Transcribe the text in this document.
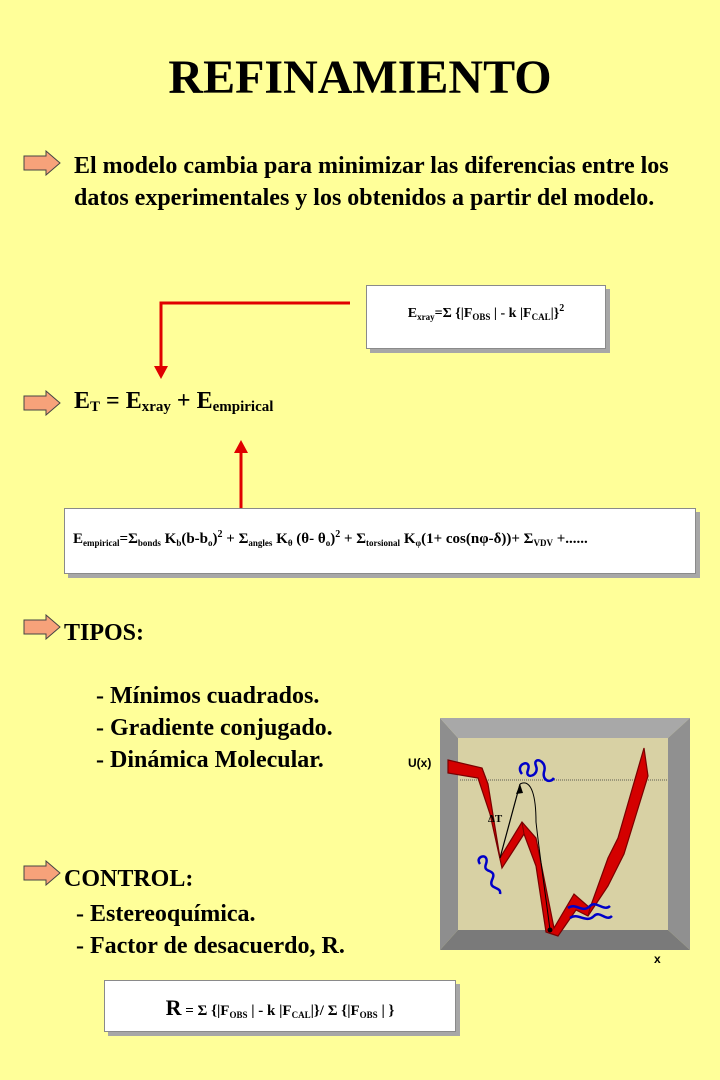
REFINAMIENTO
El modelo cambia para minimizar las diferencias entre los datos experimentales y los obtenidos a partir del modelo.
$E_{xray}=\Sigma$ {$|F_{OBS}$ | - k $|F_{CAL}|\}^2$
$E_T = E_{xray} + E_{empirical}$
$E_{empirical}=\Sigma_{bonds}$ $K_b(b-b_o)^2 + \Sigma_{angles}$ $K_\theta$ (θ- $\theta_o)^2 + \Sigma_{torsional}$ $K_\varphi(1+ \cos(n\varphi-\delta))+ \Sigma_{VDV}$ +......
TIPOS:
- Mínimos cuadrados.
- Gradiente conjugado.
- Dinámica Molecular.	U(x)
x
ΔT
CONTROL:
- Estereoquímica.
- Factor de desacuerdo, R.
R = Σ {$|F_{OBS}$ | - k $|F_{CAL}|\}/$ Σ {$|F_{OBS}$ | }
